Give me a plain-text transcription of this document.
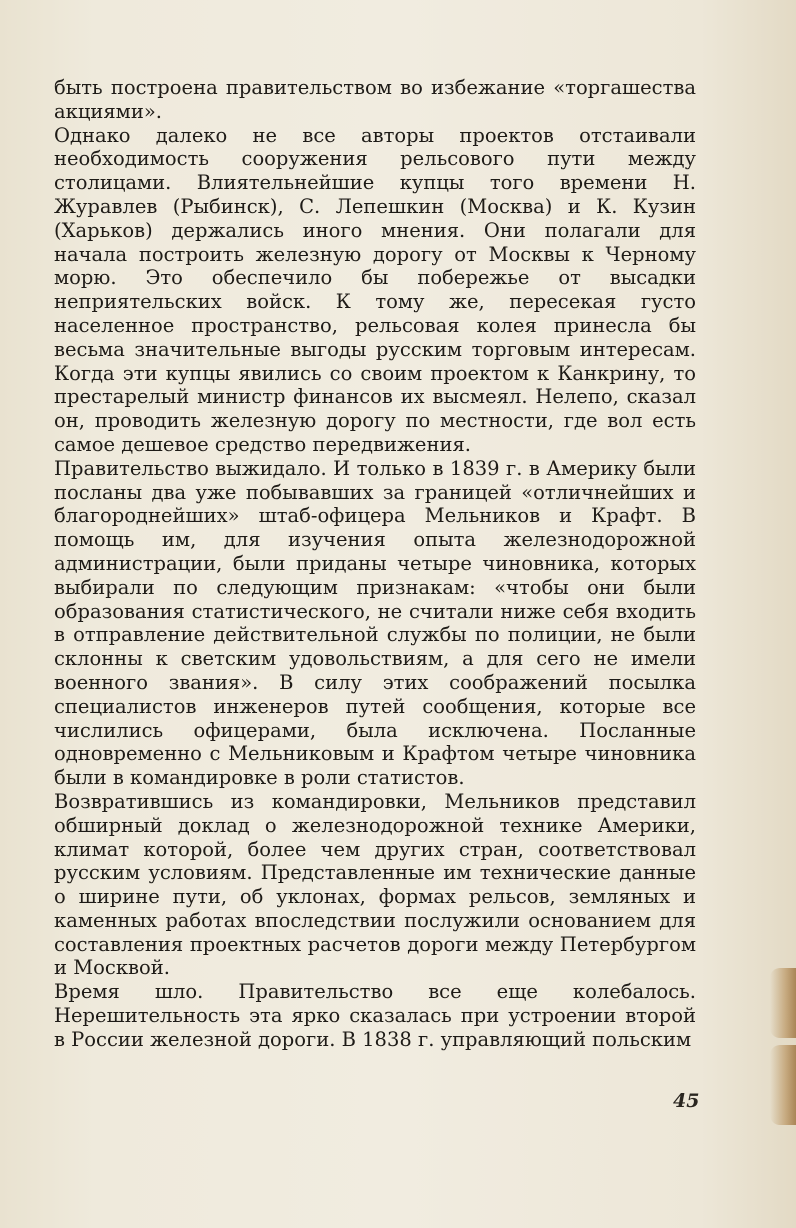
быть построена правительством во избежание «торгашества акциями».

Однако далеко не все авторы проектов отстаивали необходимость сооружения рельсового пути между столицами. Влиятельнейшие купцы того времени Н. Журавлев (Рыбинск), С. Лепешкин (Москва) и К. Кузин (Харьков) держались иного мнения. Они полагали для начала построить железную дорогу от Москвы к Черному морю. Это обеспечило бы побережье от высадки неприятельских войск. К тому же, пересекая густо населенное пространство, рельсовая колея принесла бы весьма значительные выгоды русским торговым интересам. Когда эти купцы явились со своим проектом к Канкрину, то престарелый министр финансов их высмеял. Нелепо, сказал он, проводить железную дорогу по местности, где вол есть самое дешевое средство передвижения.

Правительство выжидало. И только в 1839 г. в Америку были посланы два уже побывавших за границей «отличнейших и благороднейших» штаб-офицера Мельников и Крафт. В помощь им, для изучения опыта железнодорожной администрации, были приданы четыре чиновника, которых выбирали по следующим признакам: «чтобы они были образования статистического, не считали ниже себя входить в отправление действительной службы по полиции, не были склонны к светским удовольствиям, а для сего не имели военного звания». В силу этих соображений посылка специалистов инженеров путей сообщения, которые все числились офицерами, была исключена. Посланные одновременно с Мельниковым и Крафтом четыре чиновника были в командировке в роли статистов.

Возвратившись из командировки, Мельников представил обширный доклад о железнодорожной технике Америки, климат которой, более чем других стран, соответствовал русским условиям. Представленные им технические данные о ширине пути, об уклонах, формах рельсов, земляных и каменных работах впоследствии послужили основанием для составления проектных расчетов дороги между Петербургом и Москвой.

Время шло. Правительство все еще колебалось. Нерешительность эта ярко сказалась при устроении второй в России железной дороги. В 1838 г. управляющий польским

45
